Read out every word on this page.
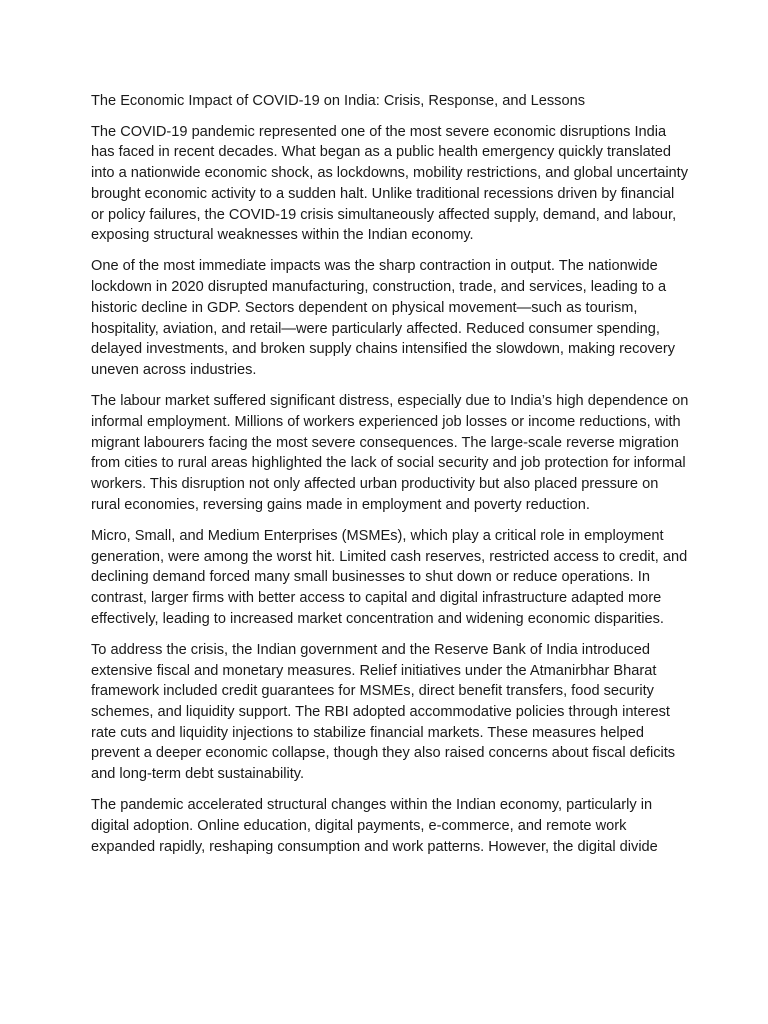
The Economic Impact of COVID-19 on India: Crisis, Response, and Lessons

The COVID-19 pandemic represented one of the most severe economic disruptions India has faced in recent decades. What began as a public health emergency quickly translated into a nationwide economic shock, as lockdowns, mobility restrictions, and global uncertainty brought economic activity to a sudden halt. Unlike traditional recessions driven by financial or policy failures, the COVID-19 crisis simultaneously affected supply, demand, and labour, exposing structural weaknesses within the Indian economy.

One of the most immediate impacts was the sharp contraction in output. The nationwide lockdown in 2020 disrupted manufacturing, construction, trade, and services, leading to a historic decline in GDP. Sectors dependent on physical movement—such as tourism, hospitality, aviation, and retail—were particularly affected. Reduced consumer spending, delayed investments, and broken supply chains intensified the slowdown, making recovery uneven across industries.

The labour market suffered significant distress, especially due to India’s high dependence on informal employment. Millions of workers experienced job losses or income reductions, with migrant labourers facing the most severe consequences. The large-scale reverse migration from cities to rural areas highlighted the lack of social security and job protection for informal workers. This disruption not only affected urban productivity but also placed pressure on rural economies, reversing gains made in employment and poverty reduction.

Micro, Small, and Medium Enterprises (MSMEs), which play a critical role in employment generation, were among the worst hit. Limited cash reserves, restricted access to credit, and declining demand forced many small businesses to shut down or reduce operations. In contrast, larger firms with better access to capital and digital infrastructure adapted more effectively, leading to increased market concentration and widening economic disparities.

To address the crisis, the Indian government and the Reserve Bank of India introduced extensive fiscal and monetary measures. Relief initiatives under the Atmanirbhar Bharat framework included credit guarantees for MSMEs, direct benefit transfers, food security schemes, and liquidity support. The RBI adopted accommodative policies through interest rate cuts and liquidity injections to stabilize financial markets. These measures helped prevent a deeper economic collapse, though they also raised concerns about fiscal deficits and long-term debt sustainability.

The pandemic accelerated structural changes within the Indian economy, particularly in digital adoption. Online education, digital payments, e-commerce, and remote work expanded rapidly, reshaping consumption and work patterns. However, the digital divide
